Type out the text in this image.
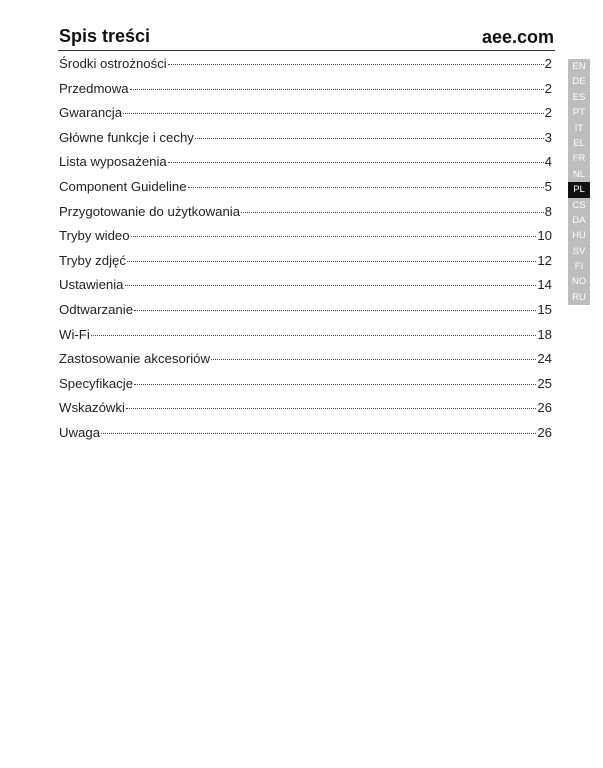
Spis treści	aee.com
Środki ostrożności	2
Przedmowa	2
Gwarancja	2
Główne funkcje i cechy	3
Lista wyposażenia	4
Component Guideline	5
Przygotowanie do użytkowania	8
Tryby wideo	10
Tryby zdjęć	12
Ustawienia	14
Odtwarzanie	15
Wi-Fi	18
Zastosowanie akcesoriów	24
Specyfikacje	25
Wskazówki	26
Uwaga	26
EN
DE
ES
PT
IT
EL
FR
NL
PL
CS
DA
HU
SV
FI
NO
RU
